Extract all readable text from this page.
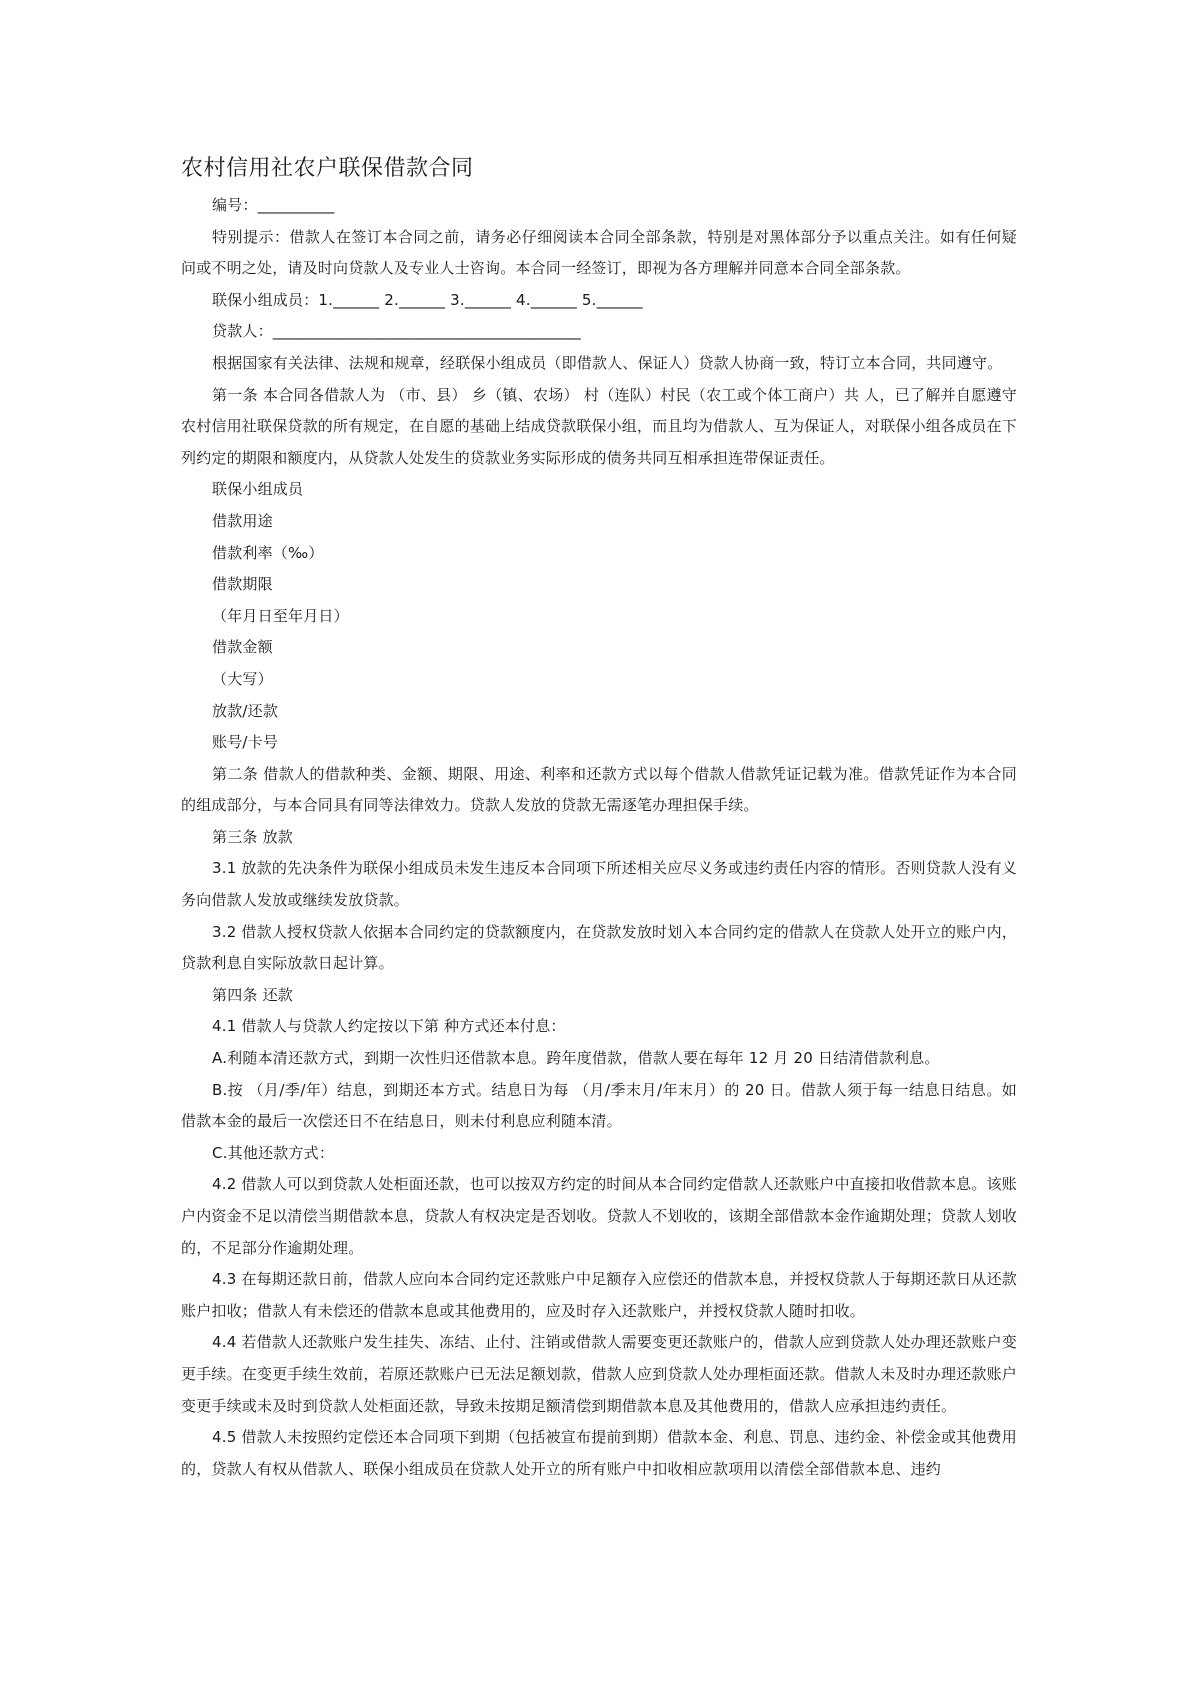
农村信用社农户联保借款合同

编号：__________

特别提示：借款人在签订本合同之前，请务必仔细阅读本合同全部条款，特别是对黑体部分予以重点关注。如有任何疑问或不明之处，请及时向贷款人及专业人士咨询。本合同一经签订，即视为各方理解并同意本合同全部条款。

联保小组成员：1.______ 2.______ 3.______ 4.______ 5.______

贷款人：________________________________________

根据国家有关法律、法规和规章，经联保小组成员（即借款人、保证人）贷款人协商一致，特订立本合同，共同遵守。

第一条 本合同各借款人为 （市、县） 乡（镇、农场） 村（连队）村民（农工或个体工商户）共 人，已了解并自愿遵守农村信用社联保贷款的所有规定，在自愿的基础上结成贷款联保小组，而且均为借款人、互为保证人，对联保小组各成员在下列约定的期限和额度内，从贷款人处发生的贷款业务实际形成的债务共同互相承担连带保证责任。

联保小组成员

借款用途

借款利率（‰）

借款期限

（年月日至年月日）

借款金额

（大写）

放款/还款

账号/卡号

第二条 借款人的借款种类、金额、期限、用途、利率和还款方式以每个借款人借款凭证记载为准。借款凭证作为本合同的组成部分，与本合同具有同等法律效力。贷款人发放的贷款无需逐笔办理担保手续。

第三条 放款

3.1 放款的先决条件为联保小组成员未发生违反本合同项下所述相关应尽义务或违约责任内容的情形。否则贷款人没有义务向借款人发放或继续发放贷款。

3.2 借款人授权贷款人依据本合同约定的贷款额度内，在贷款发放时划入本合同约定的借款人在贷款人处开立的账户内，贷款利息自实际放款日起计算。

第四条 还款

4.1 借款人与贷款人约定按以下第 种方式还本付息：

A.利随本清还款方式，到期一次性归还借款本息。跨年度借款，借款人要在每年 12 月 20 日结清借款利息。

B.按 （月/季/年）结息，到期还本方式。结息日为每 （月/季末月/年末月）的 20 日。借款人须于每一结息日结息。如借款本金的最后一次偿还日不在结息日，则未付利息应利随本清。

C.其他还款方式：

4.2 借款人可以到贷款人处柜面还款，也可以按双方约定的时间从本合同约定借款人还款账户中直接扣收借款本息。该账户内资金不足以清偿当期借款本息，贷款人有权决定是否划收。贷款人不划收的，该期全部借款本金作逾期处理；贷款人划收的，不足部分作逾期处理。

4.3 在每期还款日前，借款人应向本合同约定还款账户中足额存入应偿还的借款本息，并授权贷款人于每期还款日从还款账户扣收；借款人有未偿还的借款本息或其他费用的，应及时存入还款账户，并授权贷款人随时扣收。

4.4 若借款人还款账户发生挂失、冻结、止付、注销或借款人需要变更还款账户的，借款人应到贷款人处办理还款账户变更手续。在变更手续生效前，若原还款账户已无法足额划款，借款人应到贷款人处办理柜面还款。借款人未及时办理还款账户变更手续或未及时到贷款人处柜面还款，导致未按期足额清偿到期借款本息及其他费用的，借款人应承担违约责任。

4.5 借款人未按照约定偿还本合同项下到期（包括被宣布提前到期）借款本金、利息、罚息、违约金、补偿金或其他费用的，贷款人有权从借款人、联保小组成员在贷款人处开立的所有账户中扣收相应款项用以清偿全部借款本息、违约
